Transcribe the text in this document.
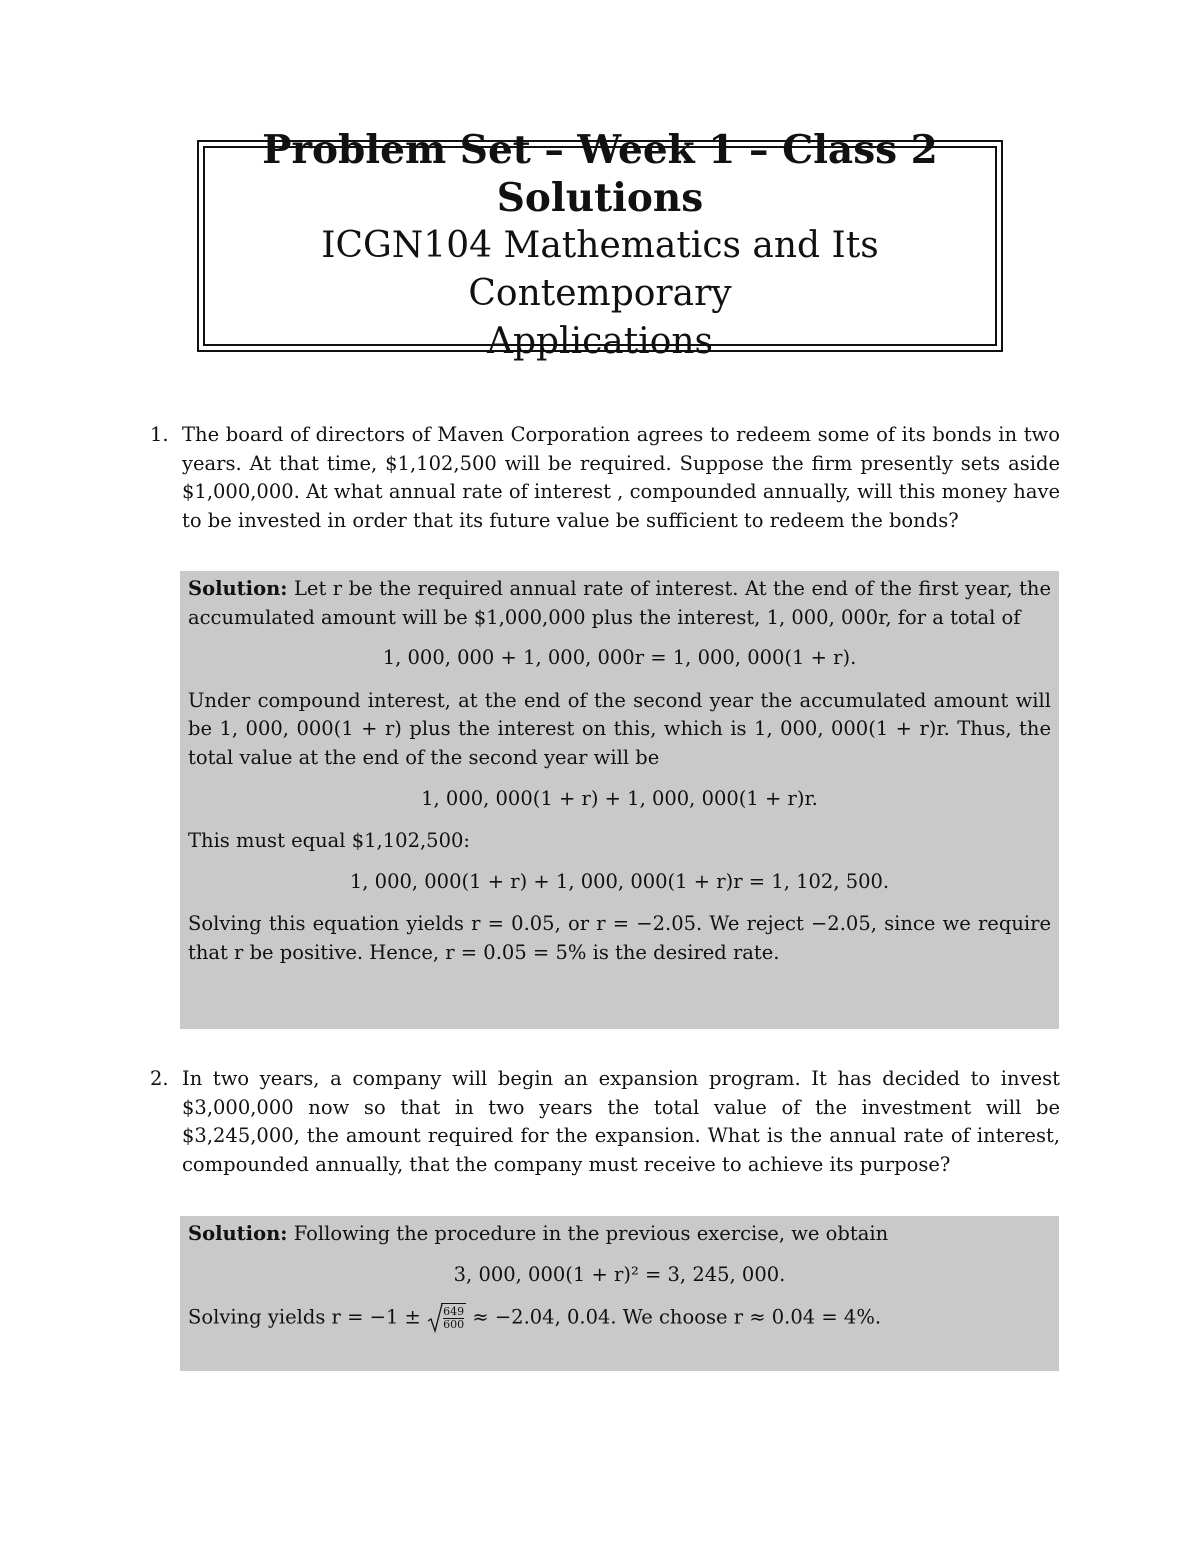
Problem Set – Week 1 – Class 2
Solutions
ICGN104 Mathematics and Its Contemporary
Applications
1. The board of directors of Maven Corporation agrees to redeem some of its bonds in two years. At that time, $1,102,500 will be required. Suppose the firm presently sets aside $1,000,000. At what annual rate of interest , compounded annually, will this money have to be invested in order that its future value be sufficient to redeem the bonds?

Solution: Let r be the required annual rate of interest. At the end of the first year, the accumulated amount will be $1,000,000 plus the interest, 1, 000, 000r, for a total of

1, 000, 000 + 1, 000, 000r = 1, 000, 000(1 + r).

Under compound interest, at the end of the second year the accumulated amount will be 1, 000, 000(1 + r) plus the interest on this, which is 1, 000, 000(1 + r)r. Thus, the total value at the end of the second year will be

1, 000, 000(1 + r) + 1, 000, 000(1 + r)r.

This must equal $1,102,500:

1, 000, 000(1 + r) + 1, 000, 000(1 + r)r = 1, 102, 500.

Solving this equation yields r = 0.05, or r = −2.05. We reject −2.05, since we require that r be positive. Hence, r = 0.05 = 5% is the desired rate.

2. In two years, a company will begin an expansion program. It has decided to invest $3,000,000 now so that in two years the total value of the investment will be $3,245,000, the amount required for the expansion. What is the annual rate of interest, compounded annually, that the company must receive to achieve its purpose?

Solution: Following the procedure in the previous exercise, we obtain

3, 000, 000(1 + r)² = 3, 245, 000.

Solving yields $r = -1 \pm \frac{649}{600} \approx -2.04$, 0.04. We choose r ≈ 0.04 = 4%.
